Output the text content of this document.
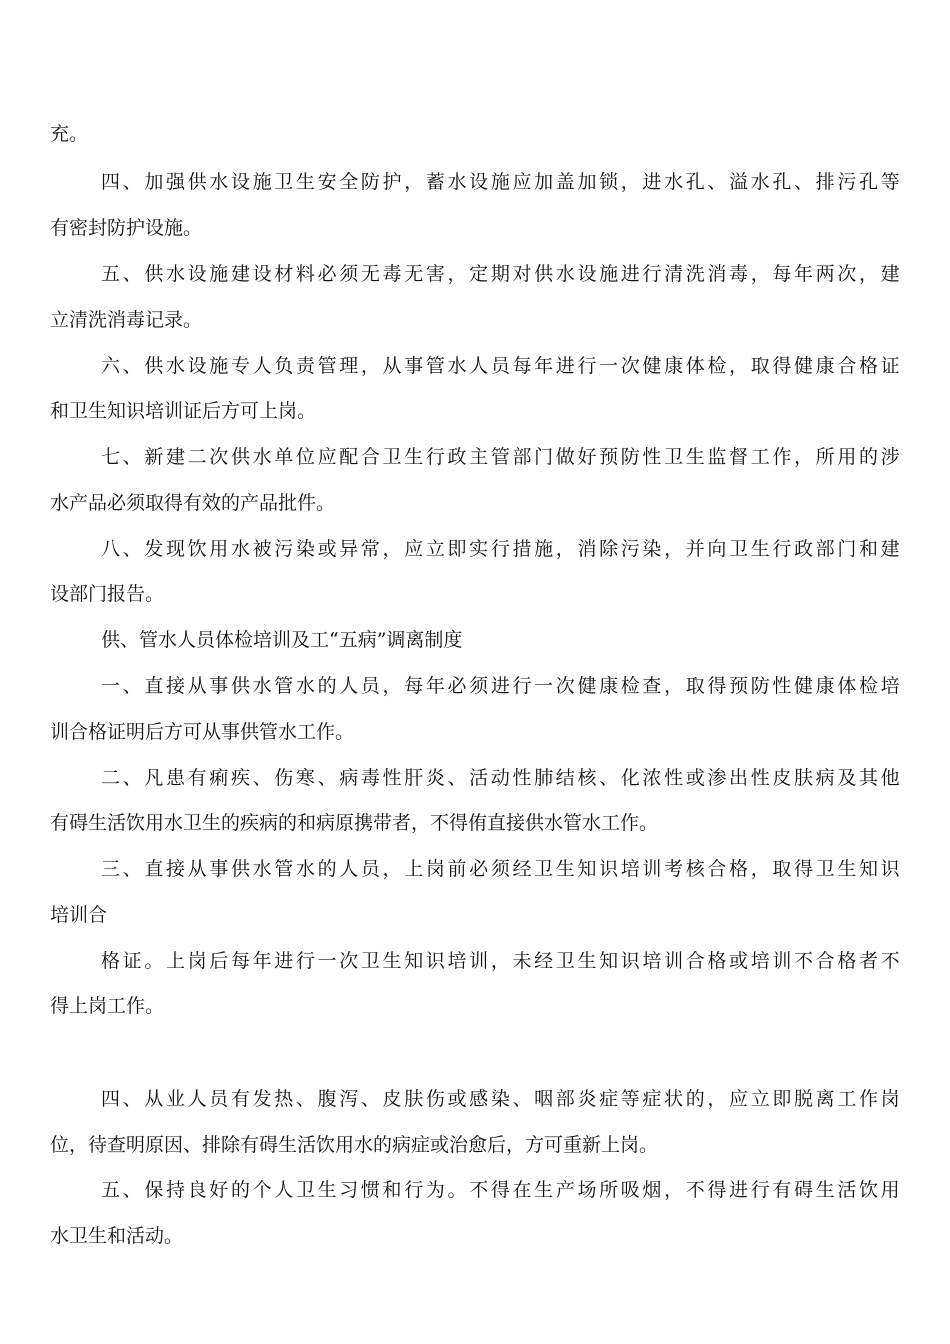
充。
四 、 加 强 供 水 设 施 卫 生 安 全 防 护 ， 蓄 水 设 施 应 加 盖 加 锁 ， 进 水 孔 、 溢 水 孔 、 排 污 孔 等
有密封防护设施。
五 、 供 水 设 施 建 设 材 料 必 须 无 毒 无 害 ， 定 期 对 供 水 设 施 进 行 清 洗 消 毒 ， 每 年 两 次 ， 建
立清洗消毒记录。
六 、 供 水 设 施 专 人 负 责 管 理 ， 从 事 管 水 人 员 每 年 进 行 一 次 健 康 体 检 ， 取 得 健 康 合 格 证
和卫生知识培训证后方可上岗。
七 、 新 建 二 次 供 水 单 位 应 配 合 卫 生 行 政 主 管 部 门 做 好 预 防 性 卫 生 监 督 工 作 ， 所 用 的 涉
水产品必须取得有效的产品批件。
八 、 发 现 饮 用 水 被 污 染 或 异 常 ， 应 立 即 实 行 措 施 ， 消 除 污 染 ， 并 向 卫 生 行 政 部 门 和 建
设部门报告。
供、管水人员体检培训及工“五病”调离制度
一 、 直 接 从 事 供 水 管 水 的 人 员 ， 每 年 必 须 进 行 一 次 健 康 检 查 ， 取 得 预 防 性 健 康 体 检 培
训合格证明后方可从事供管水工作。
二 、 凡 患 有 痢 疾 、 伤 寒 、 病 毒 性 肝 炎 、 活 动 性 肺 结 核 、 化 浓 性 或 渗 出 性 皮 肤 病 及 其 他
有碍生活饮用水卫生的疾病的和病原携带者，不得侑直接供水管水工作。
三 、 直 接 从 事 供 水 管 水 的 人 员 ， 上 岗 前 必 须 经 卫 生 知 识 培 训 考 核 合 格 ， 取 得 卫 生 知 识
培训合
格 证 。 上 岗 后 每 年 进 行 一 次 卫 生 知 识 培 训 ， 未 经 卫 生 知 识 培 训 合 格 或 培 训 不 合 格 者 不
得上岗工作。
四 、 从 业 人 员 有 发 热 、 腹 泻 、 皮 肤 伤 或 感 染 、 咽 部 炎 症 等 症 状 的 ， 应 立 即 脱 离 工 作 岗
位，待查明原因、排除有碍生活饮用水的病症或治愈后，方可重新上岗。
五 、 保 持 良 好 的 个 人 卫 生 习 惯 和 行 为 。 不 得 在 生 产 场 所 吸 烟 ， 不 得 进 行 有 碍 生 活 饮 用
水卫生和活动。
